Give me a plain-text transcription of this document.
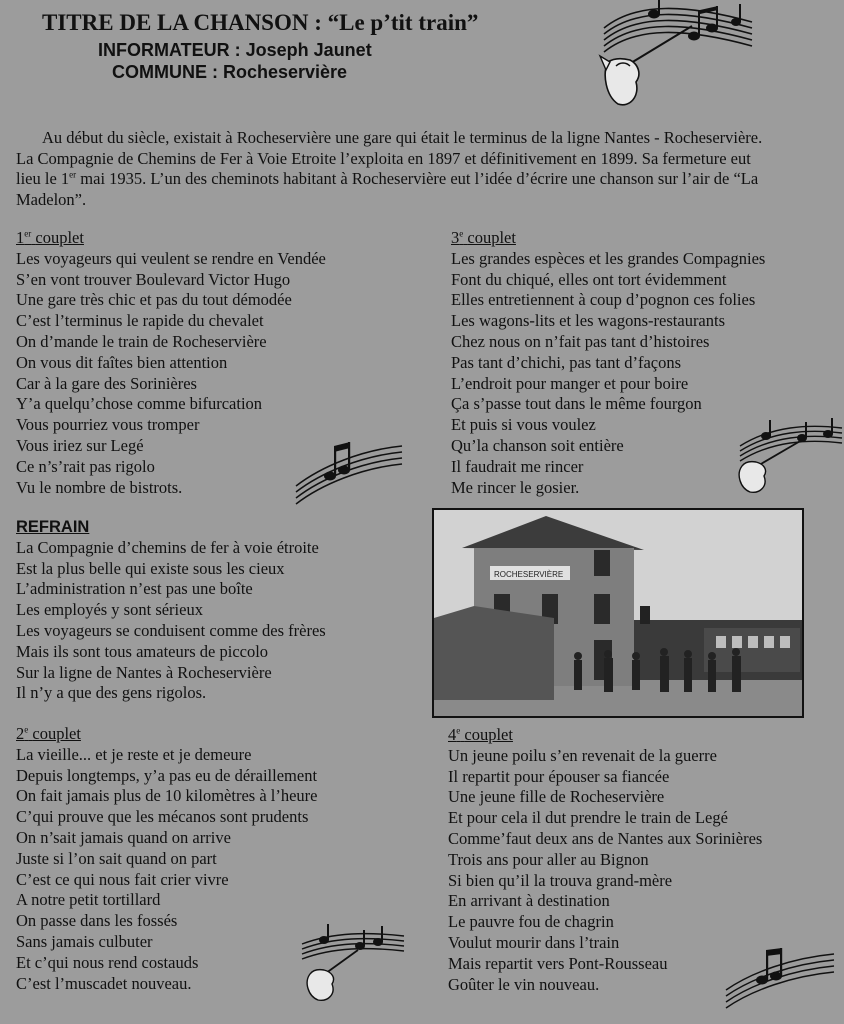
TITRE DE LA CHANSON : “Le p’tit train”
INFORMATEUR : Joseph Jaunet
COMMUNE : Rocheservière
Au début du siècle, existait à Rocheservière une gare qui était le terminus de la ligne Nantes - Rocheservière.
La Compagnie de Chemins de Fer à Voie Etroite l’exploita en 1897 et définitivement en 1899. Sa fermeture eut
lieu le 1er mai 1935. L’un des cheminots habitant à Rocheservière eut l’idée d’écrire une chanson sur l’air de “La
Madelon”.
1er couplet
Les voyageurs qui veulent se rendre en Vendée
S’en vont trouver Boulevard Victor Hugo
Une gare très chic et pas du tout démodée
C’est l’terminus le rapide du chevalet
On d’mande le train de Rocheservière
On vous dit faîtes bien attention
Car à la gare des Sorinières
Y’a quelqu’chose comme bifurcation
Vous pourriez vous tromper
Vous iriez sur Legé
Ce n’s’rait pas rigolo
Vu le nombre de bistrots.
3e couplet
Les grandes espèces et les grandes Compagnies
Font du chiqué, elles ont tort évidemment
Elles entretiennent à coup d’pognon ces folies
Les wagons-lits et les wagons-restaurants
Chez nous on n’fait pas tant d’histoires
Pas tant d’chichi, pas tant d’façons
L’endroit pour manger et pour boire
Ça s’passe tout dans le même fourgon
Et puis si vous voulez
Qu’la chanson soit entière
Il faudrait me rincer
Me rincer le gosier.
REFRAIN
La Compagnie d’chemins de fer à voie étroite
Est la plus belle qui existe sous les cieux
L’administration n’est pas une boîte
Les employés y sont sérieux
Les voyageurs se conduisent comme des frères
Mais ils sont tous amateurs de piccolo
Sur la ligne de Nantes à Rocheservière
Il n’y a que des gens rigolos.
ROCHESERVIÈRE
2e couplet
La vieille... et je reste et je demeure
Depuis longtemps, y’a pas eu de déraillement
On fait jamais plus de 10 kilomètres à l’heure
C’qui prouve que les mécanos sont prudents
On n’sait jamais quand on arrive
Juste si l’on sait quand on part
C’est ce qui nous fait crier vivre
A notre petit tortillard
On passe dans les fossés
Sans jamais culbuter
Et c’qui nous rend costauds
C’est l’muscadet nouveau.
4e couplet
Un jeune poilu s’en revenait de la guerre
Il repartit pour épouser sa fiancée
Une jeune fille de Rocheservière
Et pour cela il dut prendre le train de Legé
Comme’faut deux ans de Nantes aux Sorinières
Trois ans pour aller au Bignon
Si bien qu’il la trouva grand-mère
En arrivant à destination
Le pauvre fou de chagrin
Voulut mourir dans l’train
Mais repartit vers Pont-Rousseau
Goûter le vin nouveau.
